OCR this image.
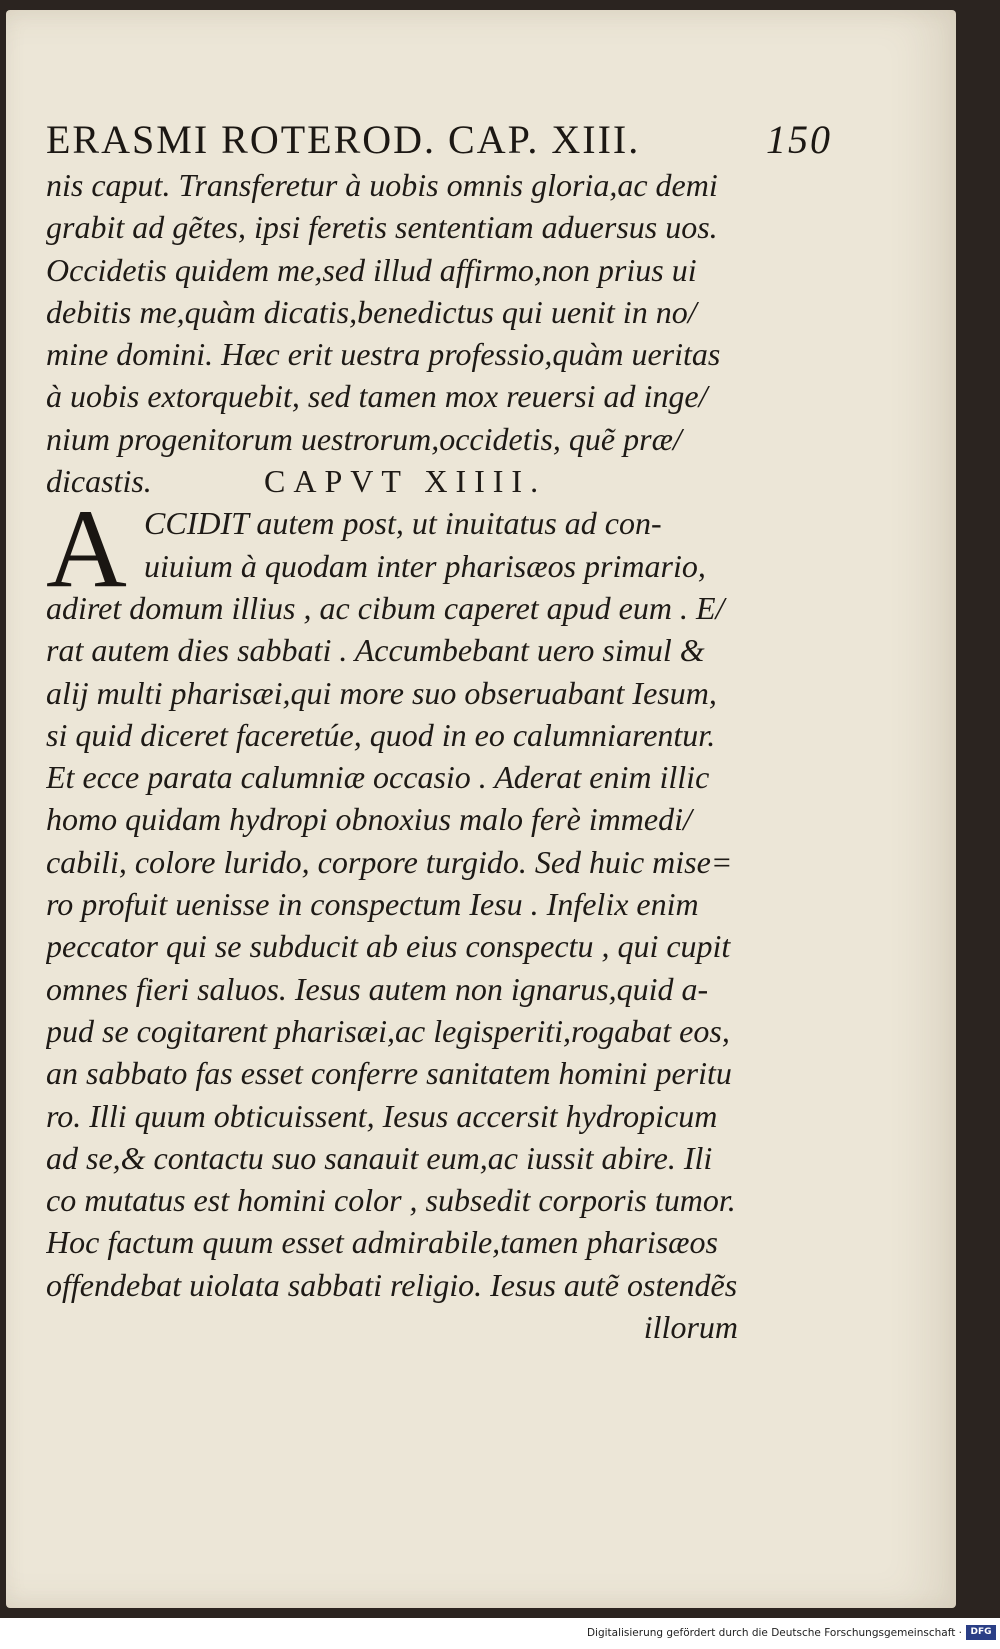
ERASMI ROTEROD. CAP. XIII.	150
nis caput. Transferetur à uobis omnis gloria,ac demi
grabit ad gẽtes, ipsi feretis sententiam aduersus uos.
Occidetis quidem me,sed illud affirmo,non prius ui
debitis me,quàm dicatis,benedictus qui uenit in no/
mine domini. Hæc erit uestra professio,quàm ueritas
à uobis extorquebit, sed tamen mox reuersi ad inge/
nium progenitorum uestrorum,occidetis, quẽ præ/
dicastis.	CAPVT XIIII.
A CCIDIT autem post, ut inuitatus ad con-
uiuium à quodam inter pharisæos primario,
adiret domum illius , ac cibum caperet apud eum . E/
rat autem dies sabbati . Accumbebant uero simul &
alij multi pharisæi,qui more suo obseruabant Iesum,
si quid diceret faceretúe, quod in eo calumniarentur.
Et ecce parata calumniæ occasio . Aderat enim illic
homo quidam hydropi obnoxius malo ferè immedi/
cabili, colore lurido, corpore turgido. Sed huic mise=
ro profuit uenisse in conspectum Iesu . Infelix enim
peccator qui se subducit ab eius conspectu , qui cupit
omnes fieri saluos. Iesus autem non ignarus,quid a-
pud se cogitarent pharisæi,ac legisperiti,rogabat eos,
an sabbato fas esset conferre sanitatem homini peritu
ro. Illi quum obticuissent, Iesus accersit hydropicum
ad se,& contactu suo sanauit eum,ac iussit abire. Ili
co mutatus est homini color , subsedit corporis tumor.
Hoc factum quum esset admirabile,tamen pharisæos
offendebat uiolata sabbati religio. Iesus autẽ ostendẽs
illorum
Digitalisierung gefördert durch die Deutsche Forschungsgemeinschaft · DFG
